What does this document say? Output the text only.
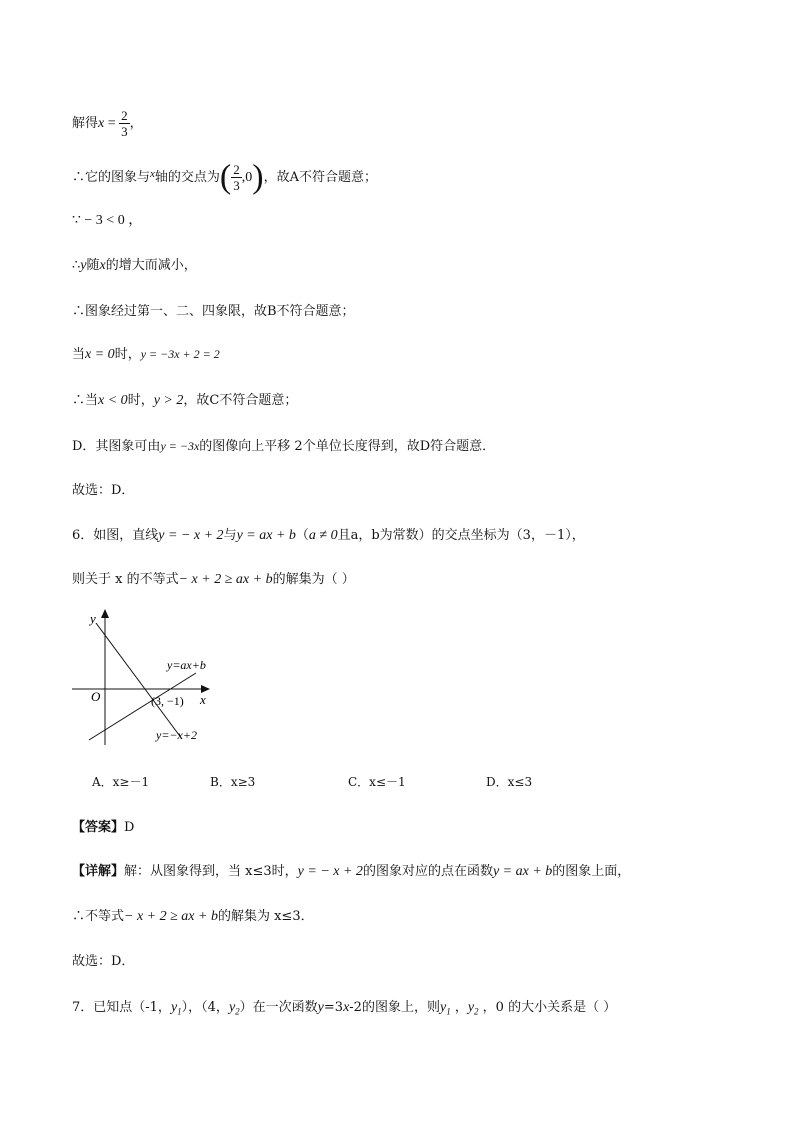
解得$x = \frac{2}{3}$ ，
∴它的图象与$^x$轴的交点为( $\frac{2}{3} ,0$)，故A不符合题意；
∵ − 3 < 0 ，
∴y随x的增大而减小，
∴图象经过第一、二、四象限，故B不符合题意；
当x = 0时，y = −3x + 2 = 2
∴当x < 0时，y > 2，故C不符合题意；
D．其图象可由y = −3x的图像向上平移 2个单位长度得到，故D符合题意．
故选：D．
6．如图，直线y = − x + 2与y = ax + b（a ≠ 0且a，b为常数）的交点坐标为（3，－1），
则关于 x 的不等式− x + 2 ≥ ax + b的解集为（ ）
y
x
O
y=ax+b
(3, −1)
y=−x+2
A．x≥－1	B．x≥3	C．x≤－1	D．x≤3
【答案】D
【详解】解：从图象得到，当 x≤3时，y = − x + 2的图象对应的点在函数y = ax + b的图象上面，
∴不等式− x + 2 ≥ ax + b的解集为 x≤3．
故选：D．
7．已知点（-1，$y_1$），（4，$y_2$）在一次函数y=3x-2的图象上，则$y_1$ ，$y_2$ ，0 的大小关系是（ ）
